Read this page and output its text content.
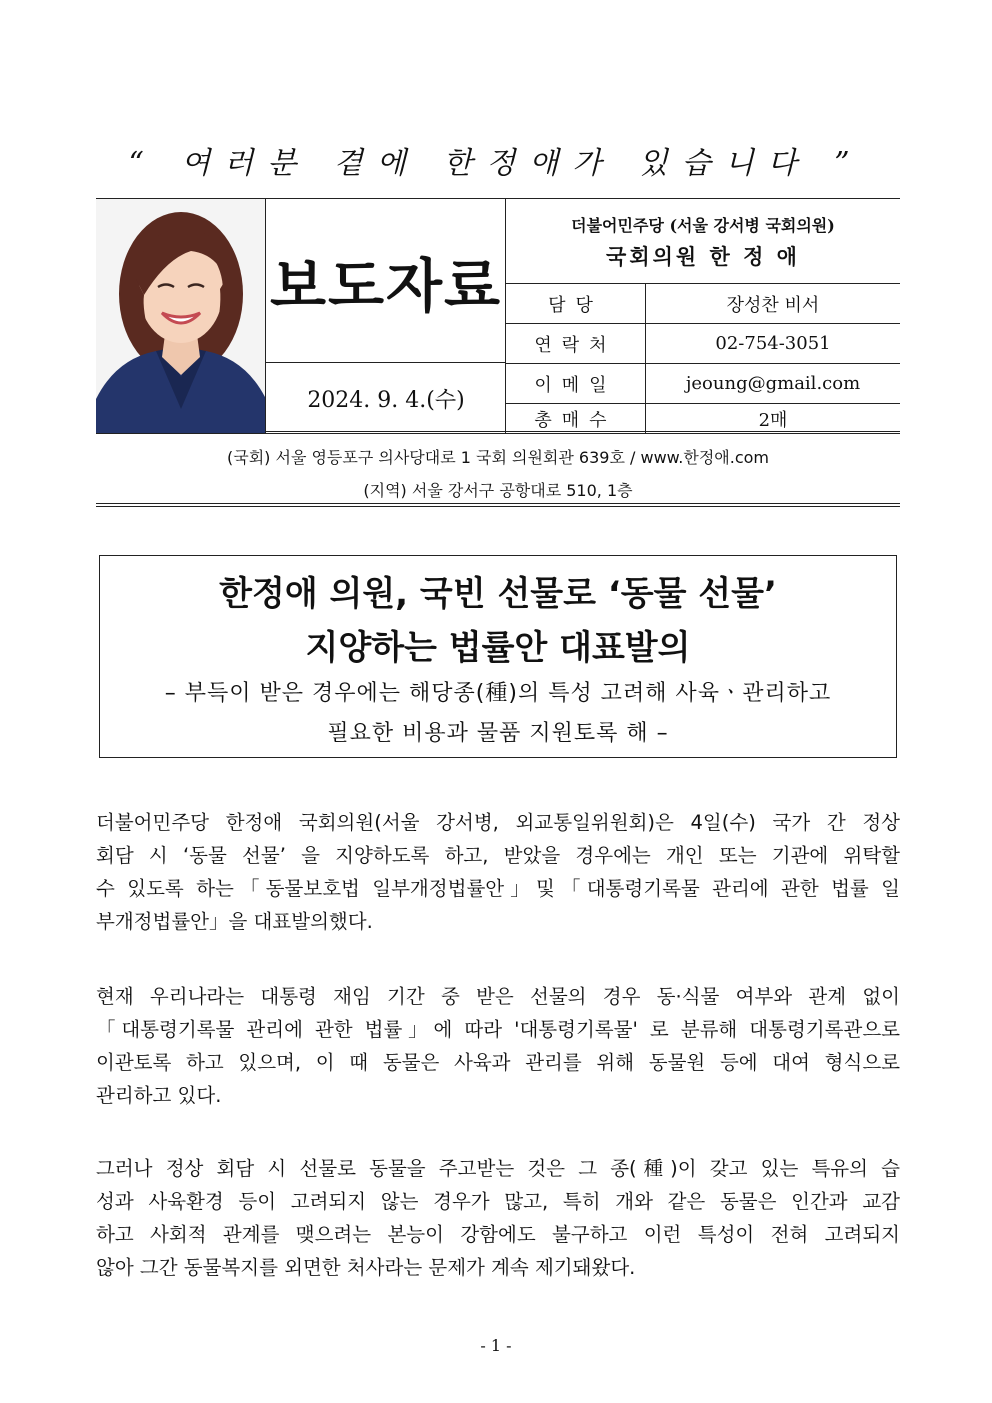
“ 여러분 곁에 한정애가 있습니다 ”
보도자료
2024. 9. 4.(수)
더불어민주당 (서울 강서병 국회의원)
국회의원 한 정 애
담당	장성찬 비서
연락처	02-754-3051
이메일	jeoung@gmail.com
총매수	2매
(국회) 서울 영등포구 의사당대로 1 국회 의원회관 639호 / www.한정애.com
(지역) 서울 강서구 공항대로 510, 1층
한정애 의원, 국빈 선물로 ‘동물 선물’
지양하는 법률안 대표발의
– 부득이 받은 경우에는 해당종(種)의 특성 고려해 사육ㆍ관리하고
필요한 비용과 물품 지원토록 해 –
더불어민주당 한정애 국회의원(서울 강서병, 외교통일위원회)은 4일(수) 국가 간 정상
회담 시 ‘동물 선물’ 을 지양하도록 하고, 받았을 경우에는 개인 또는 기관에 위탁할
수 있도록 하는「동물보호법 일부개정법률안」및「대통령기록물 관리에 관한 법률 일
부개정법률안」을 대표발의했다.
현재 우리나라는 대통령 재임 기간 중 받은 선물의 경우 동·식물 여부와 관계 없이
「대통령기록물 관리에 관한 법률」에 따라 '대통령기록물' 로 분류해 대통령기록관으로
이관토록 하고 있으며, 이 때 동물은 사육과 관리를 위해 동물원 등에 대여 형식으로
관리하고 있다.
그러나 정상 회담 시 선물로 동물을 주고받는 것은 그 종(種)이 갖고 있는 특유의 습
성과 사육환경 등이 고려되지 않는 경우가 많고, 특히 개와 같은 동물은 인간과 교감
하고 사회적 관계를 맺으려는 본능이 강함에도 불구하고 이런 특성이 전혀 고려되지
않아 그간 동물복지를 외면한 처사라는 문제가 계속 제기돼왔다.
- 1 -
